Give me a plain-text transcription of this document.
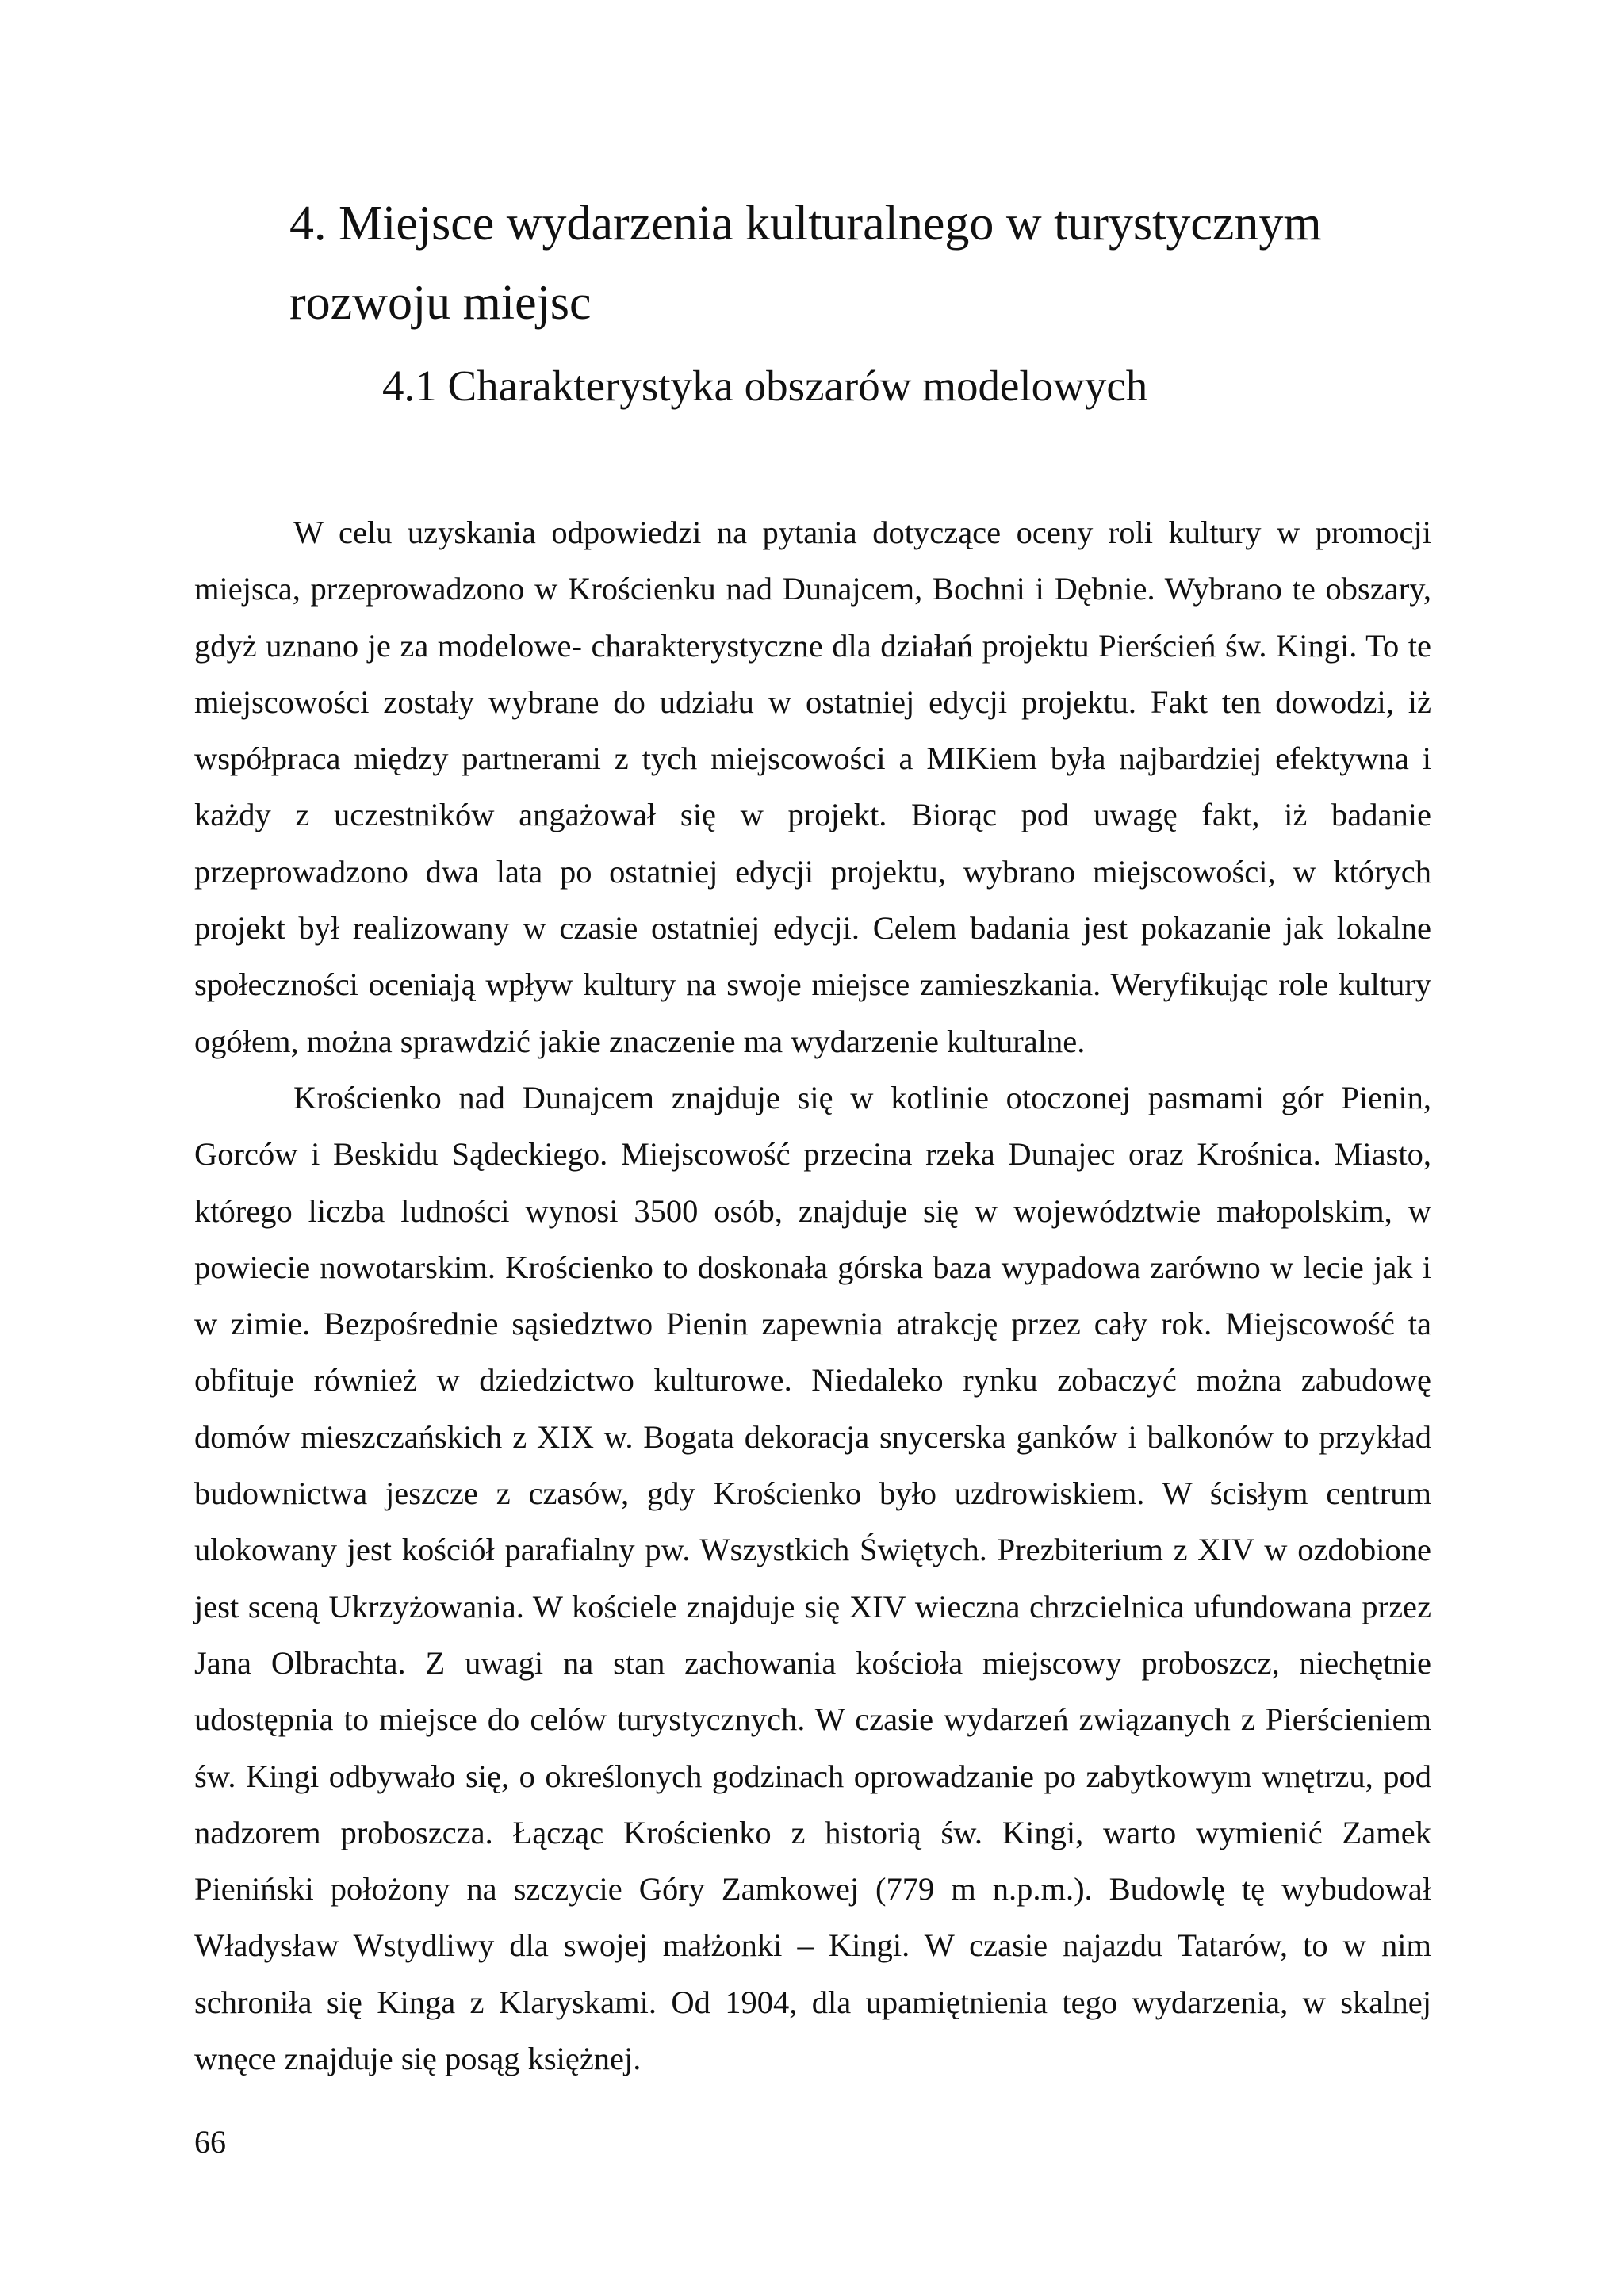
4. Miejsce wydarzenia kulturalnego w turystycznym rozwoju miejsc
4.1 Charakterystyka obszarów modelowych

W celu uzyskania odpowiedzi na pytania dotyczące oceny roli kultury w promocji miejsca, przeprowadzono w Krościenku nad Dunajcem, Bochni i Dębnie. Wybrano te obszary, gdyż uznano je za modelowe- charakterystyczne dla działań projektu Pierścień św. Kingi. To te miejscowości zostały wybrane do udziału w ostatniej edycji projektu. Fakt ten dowodzi, iż współpraca między partnerami z tych miejscowości a MIKiem była najbardziej efektywna i każdy z uczestników angażował się w projekt. Biorąc pod uwagę fakt, iż badanie przeprowadzono dwa lata po ostatniej edycji projektu, wybrano miejscowości, w których projekt był realizowany w czasie ostatniej edycji. Celem badania jest pokazanie jak lokalne społeczności oceniają wpływ kultury na swoje miejsce zamieszkania. Weryfikując role kultury ogółem, można sprawdzić jakie znaczenie ma wydarzenie kulturalne.

Krościenko nad Dunajcem znajduje się w kotlinie otoczonej pasmami gór Pienin, Gorców i Beskidu Sądeckiego. Miejscowość przecina rzeka Dunajec oraz Krośnica. Miasto, którego liczba ludności wynosi 3500 osób, znajduje się w województwie małopolskim, w powiecie nowotarskim. Krościenko to doskonała górska baza wypadowa zarówno w lecie jak i w zimie. Bezpośrednie sąsiedztwo Pienin zapewnia atrakcję przez cały rok. Miejscowość ta obfituje również w dziedzictwo kulturowe. Niedaleko rynku zobaczyć można zabudowę domów mieszczańskich z XIX w. Bogata dekoracja snycerska ganków i balkonów to przykład budownictwa jeszcze z czasów, gdy Krościenko było uzdrowiskiem. W ścisłym centrum ulokowany jest kościół parafialny pw. Wszystkich Świętych. Prezbiterium z XIV w ozdobione jest sceną Ukrzyżowania. W kościele znajduje się XIV wieczna chrzcielnica ufundowana przez Jana Olbrachta. Z uwagi na stan zachowania kościoła miejscowy proboszcz, niechętnie udostępnia to miejsce do celów turystycznych. W czasie wydarzeń związanych z Pierścieniem św. Kingi odbywało się, o określonych godzinach oprowadzanie po zabytkowym wnętrzu, pod nadzorem proboszcza. Łącząc Krościenko z historią św. Kingi, warto wymienić Zamek Pieniński położony na szczycie Góry Zamkowej (779 m n.p.m.). Budowlę tę wybudował Władysław Wstydliwy dla swojej małżonki – Kingi. W czasie najazdu Tatarów, to w nim schroniła się Kinga z Klaryskami. Od 1904, dla upamiętnienia tego wydarzenia, w skalnej wnęce znajduje się posąg księżnej.

66
